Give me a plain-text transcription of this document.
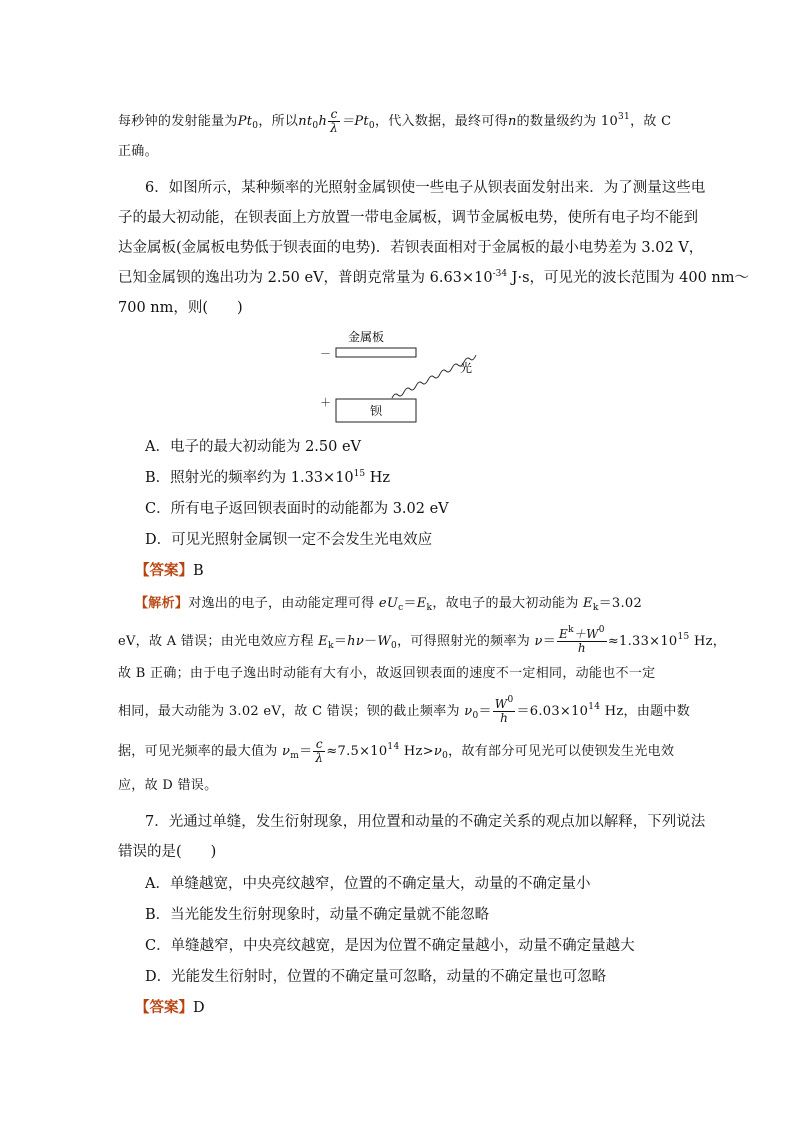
每秒钟的发射能量为$Pt_0$，所以$nt_0h \frac{c}{\lambda} =Pt_0$，代入数据，最终可得n的数量级约为 $10^{31}$，故 C
正确。
6．如图所示，某种频率的光照射金属钡使一些电子从钡表面发射出来．为了测量这些电
子的最大初动能，在钡表面上方放置一带电金属板，调节金属板电势，使所有电子均不能到
达金属板(金属板电势低于钡表面的电势)．若钡表面相对于金属板的最小电势差为 3.02 V，
已知金属钡的逸出功为 2.50 eV，普朗克常量为 $6.63\times 10^{-34}$ J·s，可见光的波长范围为 400 nm～
700 nm，则(　　)
金属板
－
＋
钡
光
A．电子的最大初动能为 2.50 eV
B．照射光的频率约为 $1.33\times 10^{15}$ Hz
C．所有电子返回钡表面时的动能都为 3.02 eV
D．可见光照射金属钡一定不会发生光电效应
【答案】B
【解析】对逸出的电子，由动能定理可得 $eU_c=E_k$，故电子的最大初动能为 $E_k=3.02$
eV，故 A 错误；由光电效应方程 $E_k=h\nu-W_0$，可得照射光的频率为 $\nu= \frac{E^k+W^0}{h} \approx 1.33\times 10^{15}$ Hz，
故 B 正确；由于电子逸出时动能有大有小，故返回钡表面的速度不一定相同，动能也不一定
相同，最大动能为 3.02 eV，故 C 错误；钡的截止频率为 $\nu_0= \frac{W^0}{h} =6.03\times 10^{14}$ Hz，由题中数
据，可见光频率的最大值为 $\nu_m= \frac{c}{\lambda} \approx 7.5\times 10^{14}$ $Hz>\nu_0$，故有部分可见光可以使钡发生光电效
应，故 D 错误。
7．光通过单缝，发生衍射现象，用位置和动量的不确定关系的观点加以解释，下列说法
错误的是(　　)
A．单缝越宽，中央亮纹越窄，位置的不确定量大，动量的不确定量小
B．当光能发生衍射现象时，动量不确定量就不能忽略
C．单缝越窄，中央亮纹越宽，是因为位置不确定量越小，动量不确定量越大
D．光能发生衍射时，位置的不确定量可忽略，动量的不确定量也可忽略
【答案】D
